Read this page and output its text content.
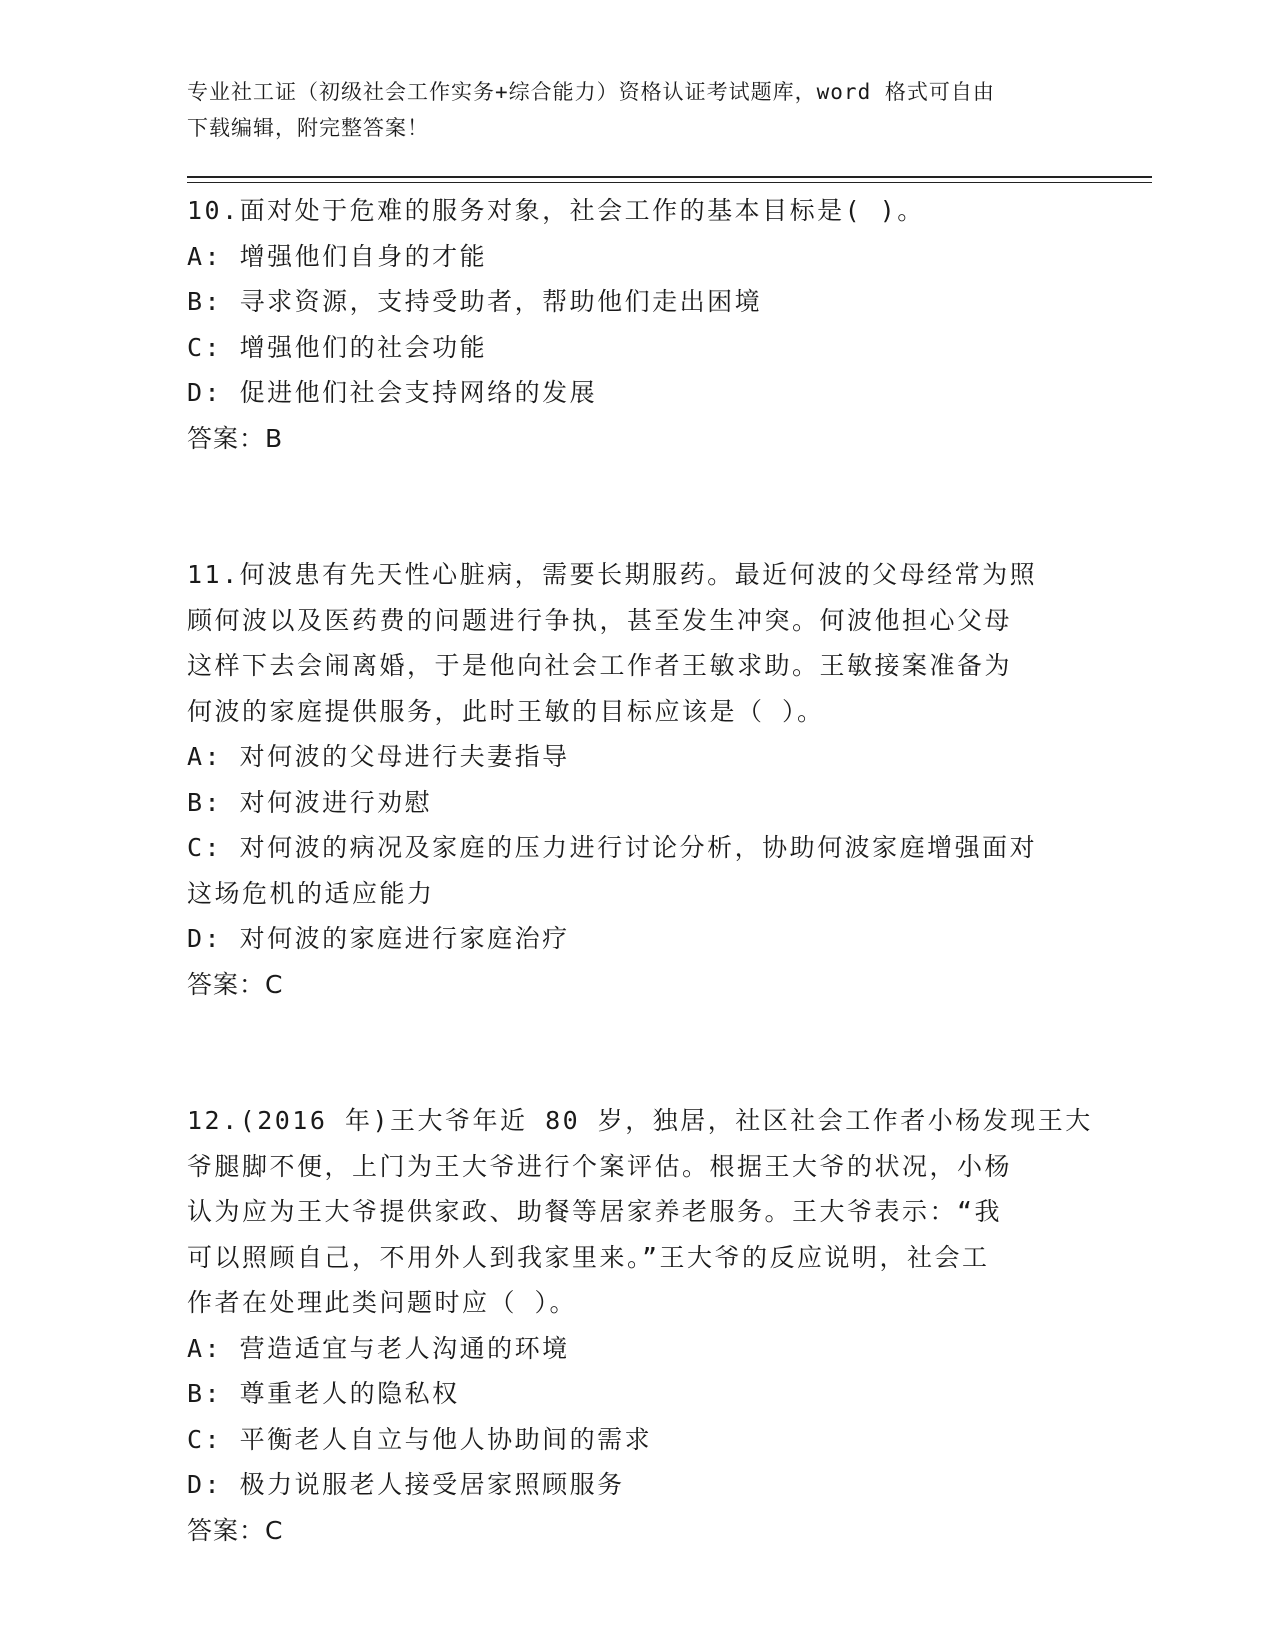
专业社工证（初级社会工作实务+综合能力）资格认证考试题库，word 格式可自由
下载编辑，附完整答案！
10.面对处于危难的服务对象，社会工作的基本目标是( )。
A: 增强他们自身的才能
B: 寻求资源，支持受助者，帮助他们走出困境
C: 增强他们的社会功能
D: 促进他们社会支持网络的发展
答案：B
11.何波患有先天性心脏病，需要长期服药。最近何波的父母经常为照
顾何波以及医药费的问题进行争执，甚至发生冲突。何波他担心父母
这样下去会闹离婚，于是他向社会工作者王敏求助。王敏接案准备为
何波的家庭提供服务，此时王敏的目标应该是（ ）。
A: 对何波的父母进行夫妻指导
B: 对何波进行劝慰
C: 对何波的病况及家庭的压力进行讨论分析，协助何波家庭增强面对
这场危机的适应能力
D: 对何波的家庭进行家庭治疗
答案：C
12.(2016 年)王大爷年近 80 岁，独居，社区社会工作者小杨发现王大
爷腿脚不便，上门为王大爷进行个案评估。根据王大爷的状况，小杨
认为应为王大爷提供家政、助餐等居家养老服务。王大爷表示：“我
可以照顾自己，不用外人到我家里来。”王大爷的反应说明，社会工
作者在处理此类问题时应（ ）。
A: 营造适宜与老人沟通的环境
B: 尊重老人的隐私权
C: 平衡老人自立与他人协助间的需求
D: 极力说服老人接受居家照顾服务
答案：C
